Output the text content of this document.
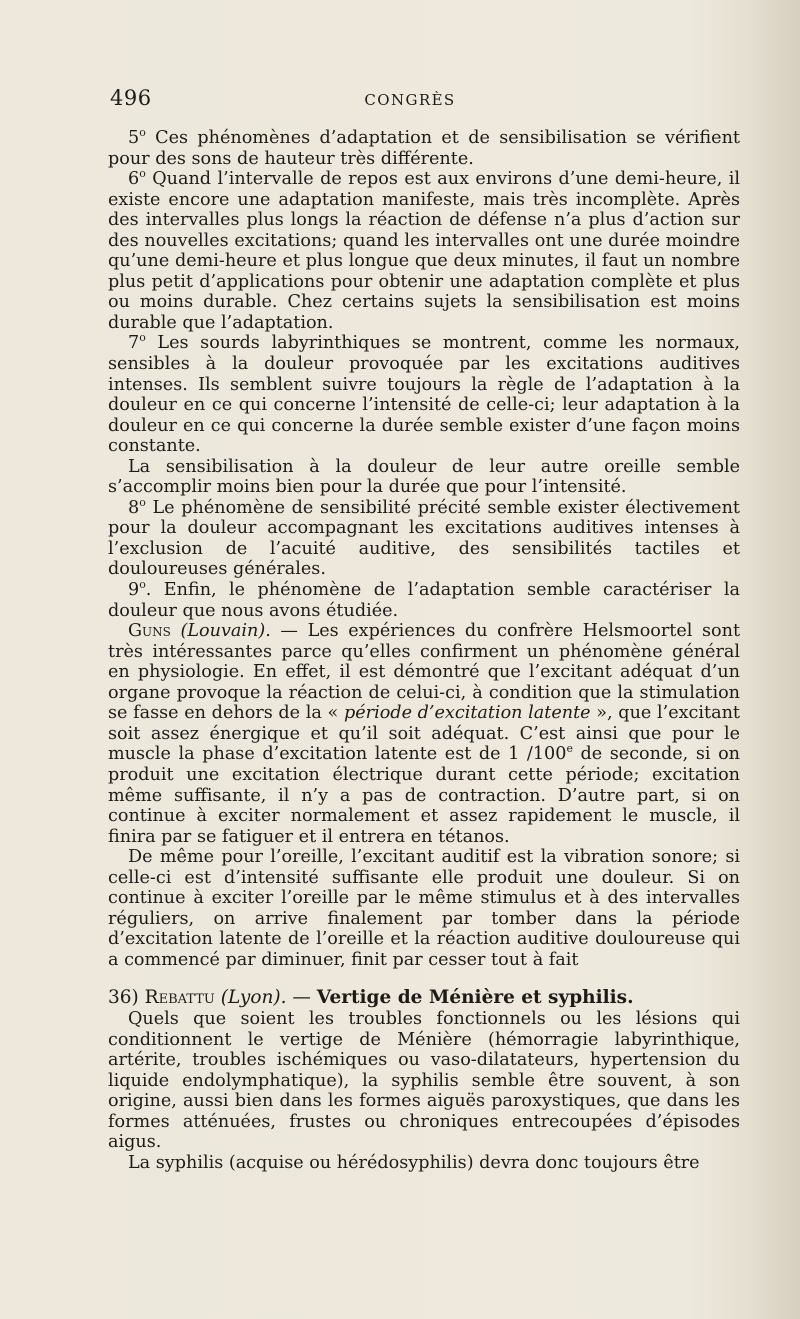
496	CONGRÈS

5$^o$ Ces phénomènes d’adaptation et de sensibilisation se vérifient pour des sons de hauteur très différente.

6$^o$ Quand l’intervalle de repos est aux environs d’une demi-heure, il existe encore une adaptation manifeste, mais très incomplète. Après des intervalles plus longs la réaction de défense n’a plus d’action sur des nouvelles excitations; quand les intervalles ont une durée moindre qu’une demi-heure et plus longue que deux minutes, il faut un nombre plus petit d’applications pour obtenir une adaptation complète et plus ou moins durable. Chez certains sujets la sensibilisation est moins durable que l’adaptation.

7$^o$ Les sourds labyrinthiques se montrent, comme les normaux, sensibles à la douleur provoquée par les excitations auditives intenses. Ils semblent suivre toujours la règle de l’adaptation à la douleur en ce qui concerne l’intensité de celle-ci; leur adaptation à la douleur en ce qui concerne la durée semble exister d’une façon moins constante.

La sensibilisation à la douleur de leur autre oreille semble s’accomplir moins bien pour la durée que pour l’intensité.

8$^o$ Le phénomène de sensibilité précité semble exister électivement pour la douleur accompagnant les excitations auditives intenses à l’exclusion de l’acuité auditive, des sensibilités tactiles et douloureuses générales.

9$^o$. Enfin, le phénomène de l’adaptation semble caractériser la douleur que nous avons étudiée.

Guns (Louvain). — Les expériences du confrère Helsmoortel sont très intéressantes parce qu’elles confirment un phénomène général en physiologie. En effet, il est démontré que l’excitant adéquat d’un organe provoque la réaction de celui-ci, à condition que la stimulation se fasse en dehors de la « période d’excitation latente », que l’excitant soit assez énergique et qu’il soit adéquat. C’est ainsi que pour le muscle la phase d’excitation latente est de 1 /100e de seconde, si on produit une excitation électrique durant cette période; excitation même suffisante, il n’y a pas de contraction. D’autre part, si on continue à exciter normalement et assez rapidement le muscle, il finira par se fatiguer et il entrera en tétanos.

De même pour l’oreille, l’excitant auditif est la vibration sonore; si celle-ci est d’intensité suffisante elle produit une douleur. Si on continue à exciter l’oreille par le même stimulus et à des intervalles réguliers, on arrive finalement par tomber dans la période d’excitation latente de l’oreille et la réaction auditive douloureuse qui a commencé par diminuer, finit par cesser tout à fait

36) Rebattu (Lyon). — Vertige de Ménière et syphilis.

Quels que soient les troubles fonctionnels ou les lésions qui conditionnent le vertige de Ménière (hémorragie labyrinthique, artérite, troubles ischémiques ou vaso-dilatateurs, hypertension du liquide endolymphatique), la syphilis semble être souvent, à son origine, aussi bien dans les formes aiguës paroxystiques, que dans les formes atténuées, frustes ou chroniques entrecoupées d’épisodes aigus.

La syphilis (acquise ou hérédosyphilis) devra donc toujours être
